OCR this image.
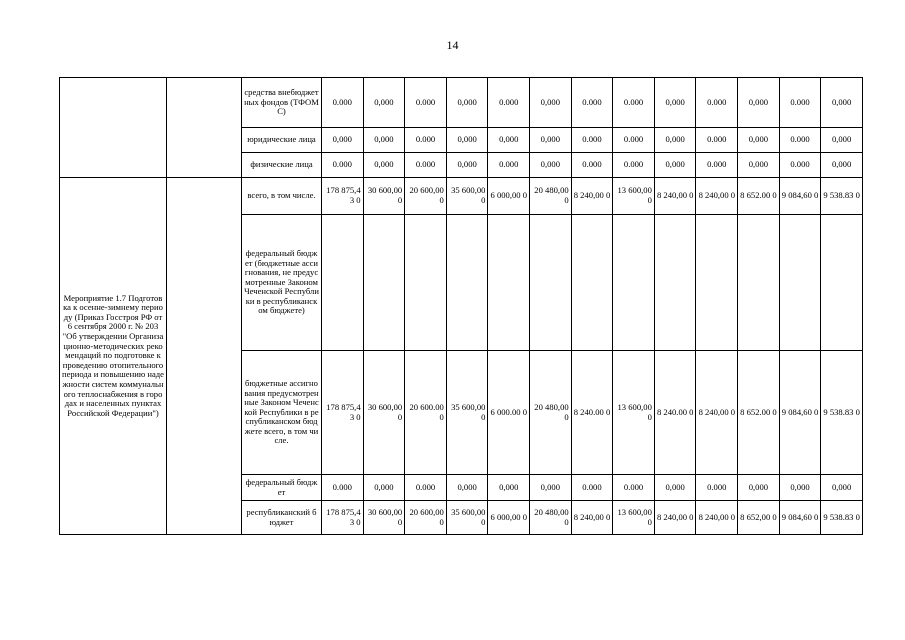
14
		средства внебюджетных фондов (ТФОМС)	0.000	0,000	0.000	0,000	0.000	0,000	0.000	0.000	0,000	0.000	0,000	0.000	0,000
		юридические лица	0,000	0,000	0.000	0,000	0,000	0,000	0.000	0.000	0,000	0.000	0,000	0.000	0,000
		физические лица	0.000	0,000	0.000	0,000	0.000	0,000	0.000	0.000	0,000	0.000	0,000	0.000	0,000
Мероприятие 1.7 Подготовка к осенне-зимнему периоду (Приказ Госстроя РФ от 6 сентября 2000 г. № 203 "Об утверждении Организационно-методических рекомендаций по подготовке к проведению отопительного периода и повышению надежности систем коммунального теплоснабжения в городах и населенных пунктах Российской Федерации")		всего, в том числе.	178 875,43 0	30 600,00 0	20 600,00 0	35 600,00 0	6 000,00 0	20 480,00 0	8 240,00 0	13 600,00 0	8 240,00 0	8 240,00 0	8 652.00 0	9 084,60 0	9 538.83 0
		федеральный бюджет (бюджетные ассигнования, не предусмотренные Законом Чеченской Республики в республиканском бюджете)													
		бюджетные ассигнования предусмотренные Законом Чеченской Республики в республиканском бюджете всего, в том числе.	178 875,43 0	30 600,00 0	20 600.00 0	35 600,00 0	6 000.00 0	20 480,00 0	8 240.00 0	13 600,00 0	8 240.00 0	8 240,00 0	8 652.00 0	9 084,60 0	9 538.83 0
		федеральный бюджет	0.000	0,000	0.000	0,000	0,000	0,000	0.000	0.000	0,000	0.000	0,000	0,000	0,000
		республиканский бюджет	178 875,43 0	30 600,00 0	20 600,00 0	35 600,00 0	6 000,00 0	20 480,00 0	8 240,00 0	13 600,00 0	8 240,00 0	8 240,00 0	8 652,00 0	9 084,60 0	9 538.83 0
